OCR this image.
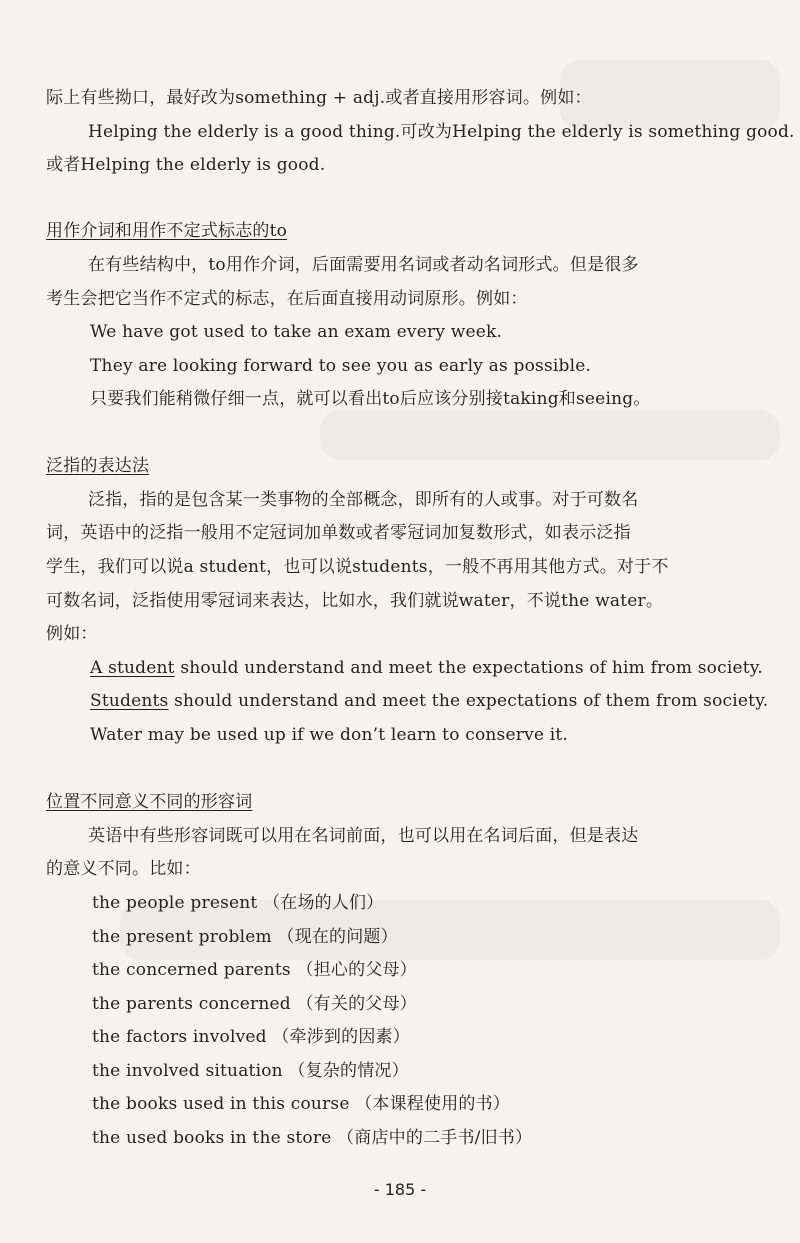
际上有些拗口，最好改为something + adj.或者直接用形容词。例如：
Helping the elderly is a good thing.可改为Helping the elderly is something good.
或者Helping the elderly is good.
用作介词和用作不定式标志的to
在有些结构中，to用作介词，后面需要用名词或者动名词形式。但是很多
考生会把它当作不定式的标志，在后面直接用动词原形。例如：
We have got used to take an exam every week.
They are looking forward to see you as early as possible.
只要我们能稍微仔细一点，就可以看出to后应该分别接taking和seeing。
泛指的表达法
泛指，指的是包含某一类事物的全部概念，即所有的人或事。对于可数名
词，英语中的泛指一般用不定冠词加单数或者零冠词加复数形式，如表示泛指
学生，我们可以说a student，也可以说students，一般不再用其他方式。对于不
可数名词，泛指使用零冠词来表达，比如水，我们就说water，不说the water。
例如：
A student should understand and meet the expectations of him from society.
Students should understand and meet the expectations of them from society.
Water may be used up if we don’t learn to conserve it.
位置不同意义不同的形容词
英语中有些形容词既可以用在名词前面，也可以用在名词后面，但是表达
的意义不同。比如：
the people present （在场的人们）
the present problem （现在的问题）
the concerned parents （担心的父母）
the parents concerned （有关的父母）
the factors involved （牵涉到的因素）
the involved situation （复杂的情况）
the books used in this course （本课程使用的书）
the used books in the store （商店中的二手书/旧书）
- 185 -
